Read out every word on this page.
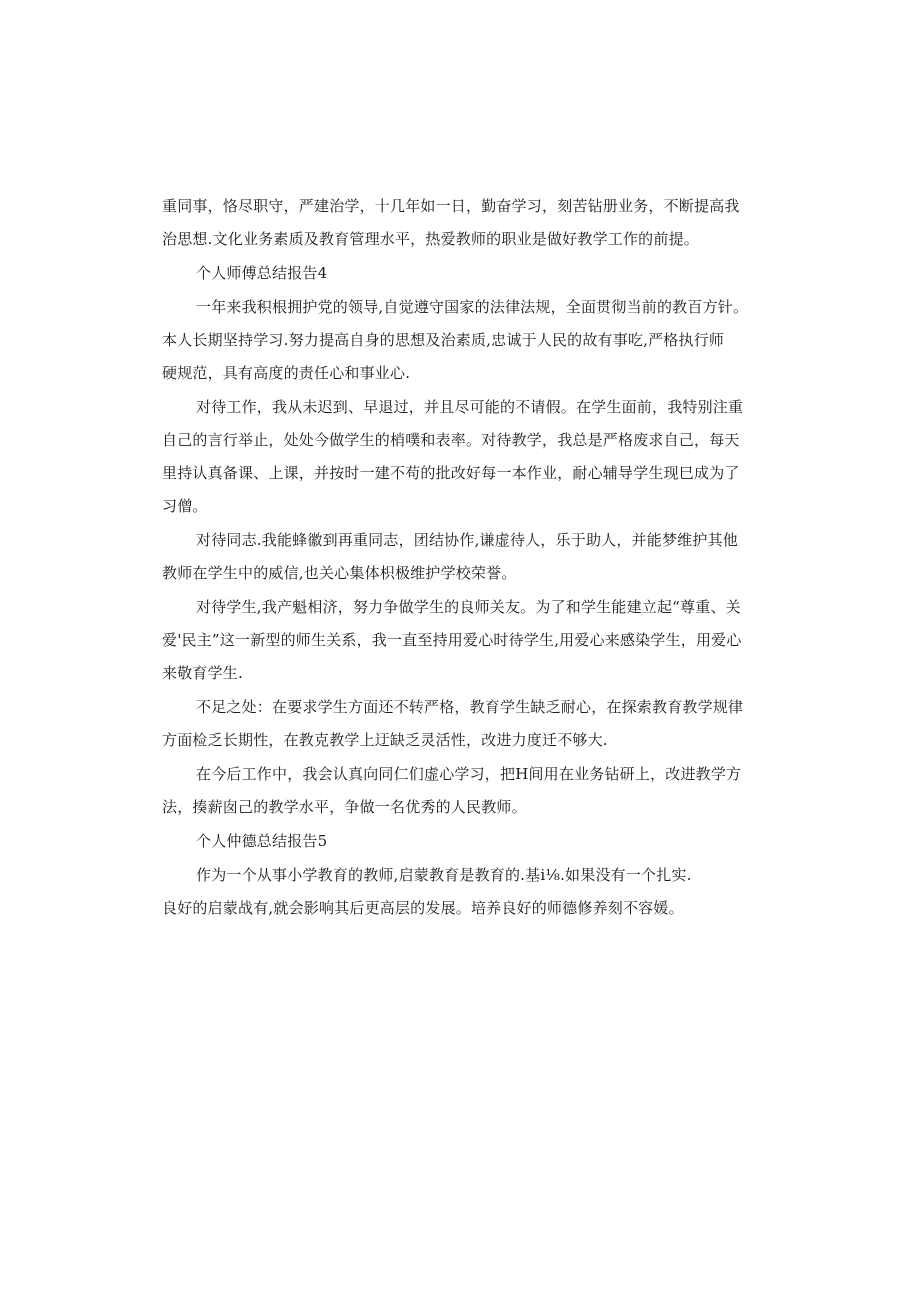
重同事，恪尽职守，严建治学，十几年如一日，勤奋学习，刻苦钻册业务，不断提高我

治思想.文化业务素质及教育管理水平，热爱教师的职业是做好教学工作的前提。

个人师傅总结报告4

一年来我积根拥护党的领导,自觉遵守国家的法律法规，全面贯彻当前的教百方针。

本人长期坚持学习.努力提高自身的思想及治素质,忠诚于人民的故有事吃,严格执行师

硬规范，具有高度的责任心和事业心.

对待工作，我从未迟到、早退过，并且尽可能的不请假。在学生面前，我特别注重

自己的言行举止，处处今做学生的梢噗和表率。对待教学，我总是严格废求自己，每天

里持认真备课、上课，并按时一建不苟的批改好每一本作业，耐心辅导学生现巳成为了

习僧。

对待同志.我能蜂徽到再重同志，团结协作,谦虚待人，乐于助人，并能梦维护其他

教师在学生中的威信,也关心集体枳极维护学校荣誉。

对待学生,我产魁相济，努力争做学生的良师关友。为了和学生能建立起“尊重、关

爱'民主”这一新型的师生关系，我一直至持用爱心时待学生,用爱心来感染学生，用爱心

来敬育学生.

不足之处：在要求学生方面还不转严格，教育学生缺乏耐心，在探索教育教学规律

方面检乏长期性，在教克教学上迂缺乏灵活性，改进力度迁不够大.

在今后工作中，我会认真向同仁们虚心学习，把H间用在业务钻研上，改进教学方

法，揍薪囱己的教学水平，争做一名优秀的人民教师。

个人仲德总结报告5

作为一个从事小学教育的教师,启蒙教育是教育的.基i⅛.如果没有一个扎实.

良好的启蒙战有,就会影响其后更高层的发展。培养良好的师德修养刻不容媛。
